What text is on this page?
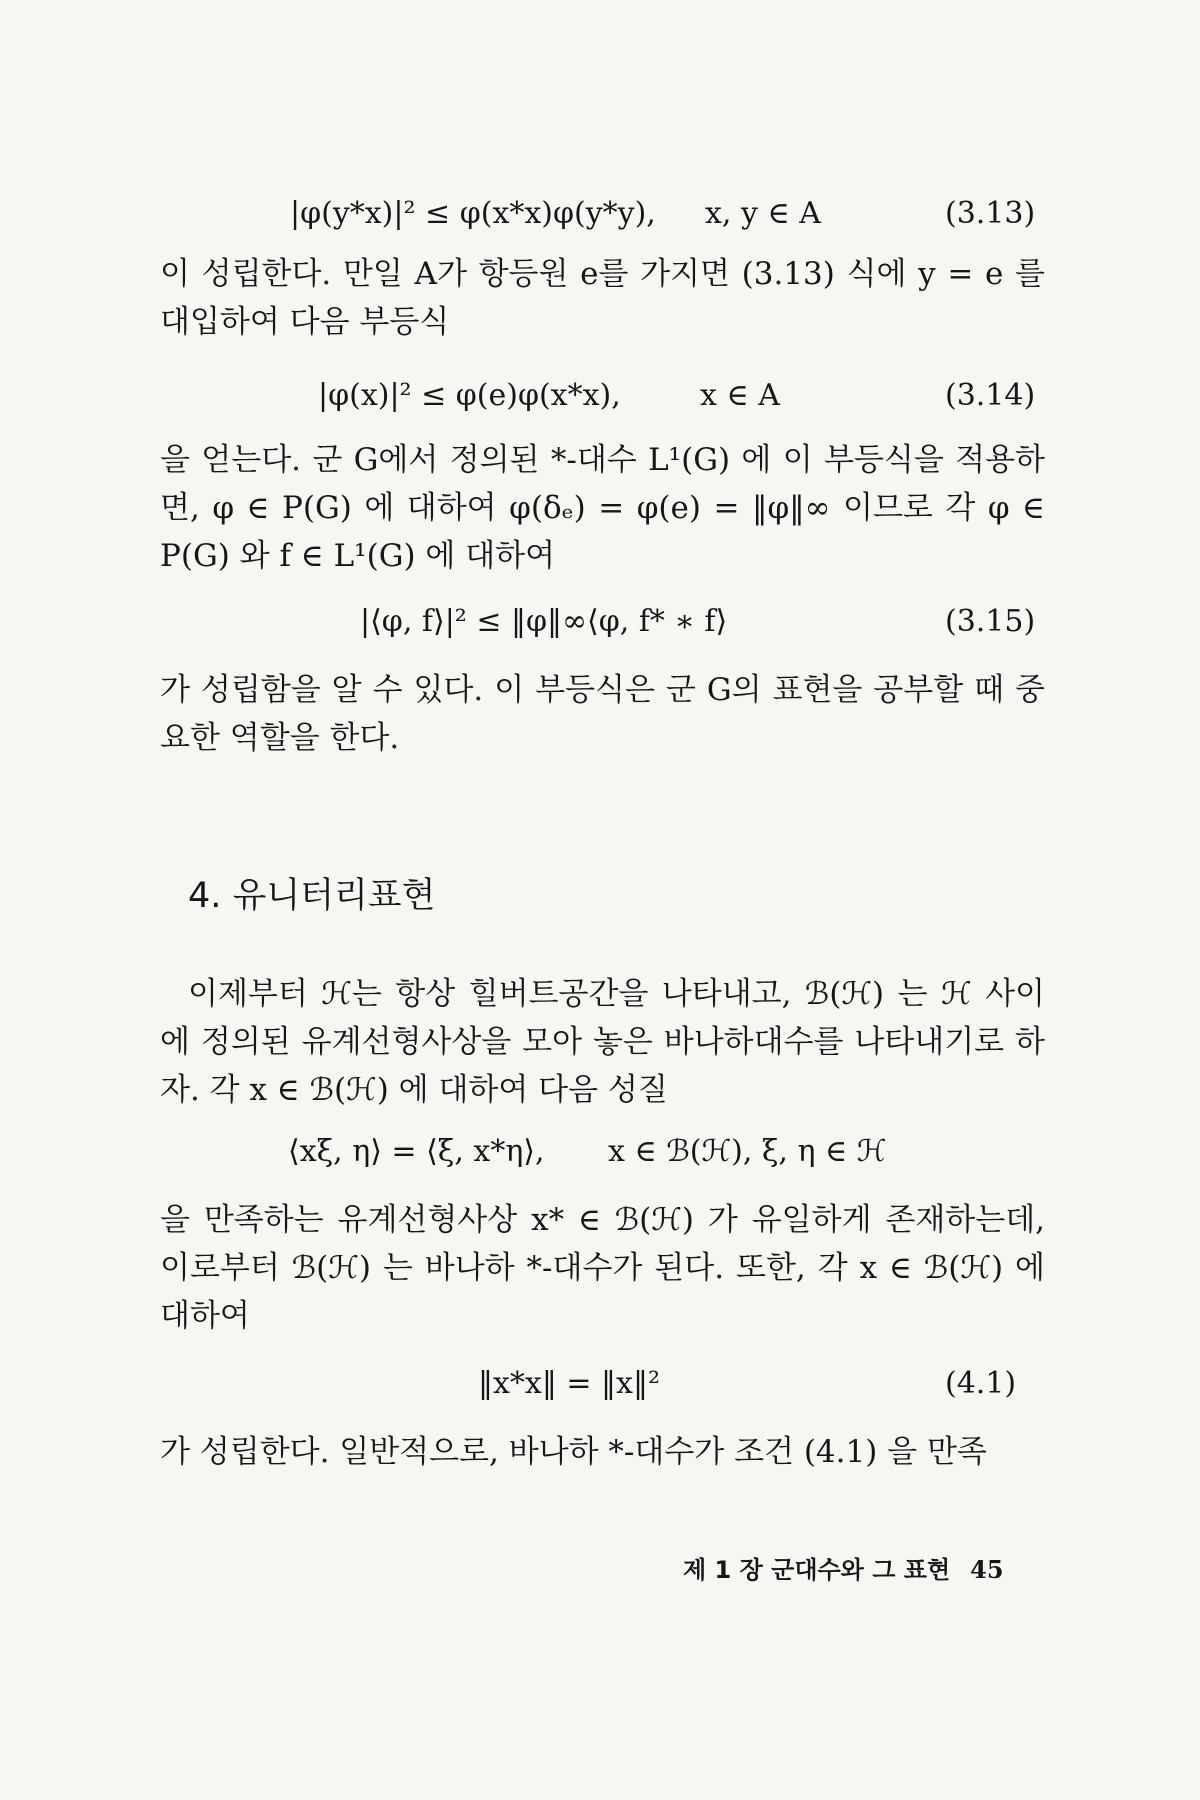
|φ(y*x)|² ≤ φ(x*x)φ(y*y), x, y ∈ A	(3.13)

이 성립한다. 만일 A가 항등원 e를 가지면 (3.13) 식에 y = e 를 대입하여 다음 부등식

|φ(x)|² ≤ φ(e)φ(x*x),	x ∈ A	(3.14)

을 얻는다. 군 G에서 정의된 *-대수 L¹(G) 에 이 부등식을 적용하면, φ ∈ P(G) 에 대하여 φ(δₑ) = φ(e) = ‖φ‖∞ 이므로 각 φ ∈ P(G) 와 f ∈ L¹(G) 에 대하여

|⟨φ, f⟩|² ≤ ‖φ‖∞⟨φ, f* ∗ f⟩	(3.15)

가 성립함을 알 수 있다. 이 부등식은 군 G의 표현을 공부할 때 중요한 역할을 한다.

4. 유니터리표현

이제부터 ℋ는 항상 힐버트공간을 나타내고, ℬ(ℋ) 는 ℋ 사이에 정의된 유계선형사상을 모아 놓은 바나하대수를 나타내기로 하자. 각 x ∈ ℬ(ℋ) 에 대하여 다음 성질

⟨xξ, η⟩ = ⟨ξ, x*η⟩, x ∈ ℬ(ℋ), ξ, η ∈ ℋ

을 만족하는 유계선형사상 x* ∈ ℬ(ℋ) 가 유일하게 존재하는데, 이로부터 ℬ(ℋ) 는 바나하 *-대수가 된다. 또한, 각 x ∈ ℬ(ℋ) 에 대하여

‖x*x‖ = ‖x‖²	(4.1)

가 성립한다. 일반적으로, 바나하 *-대수가 조건 (4.1) 을 만족

제 1 장 군대수와 그 표현 45
